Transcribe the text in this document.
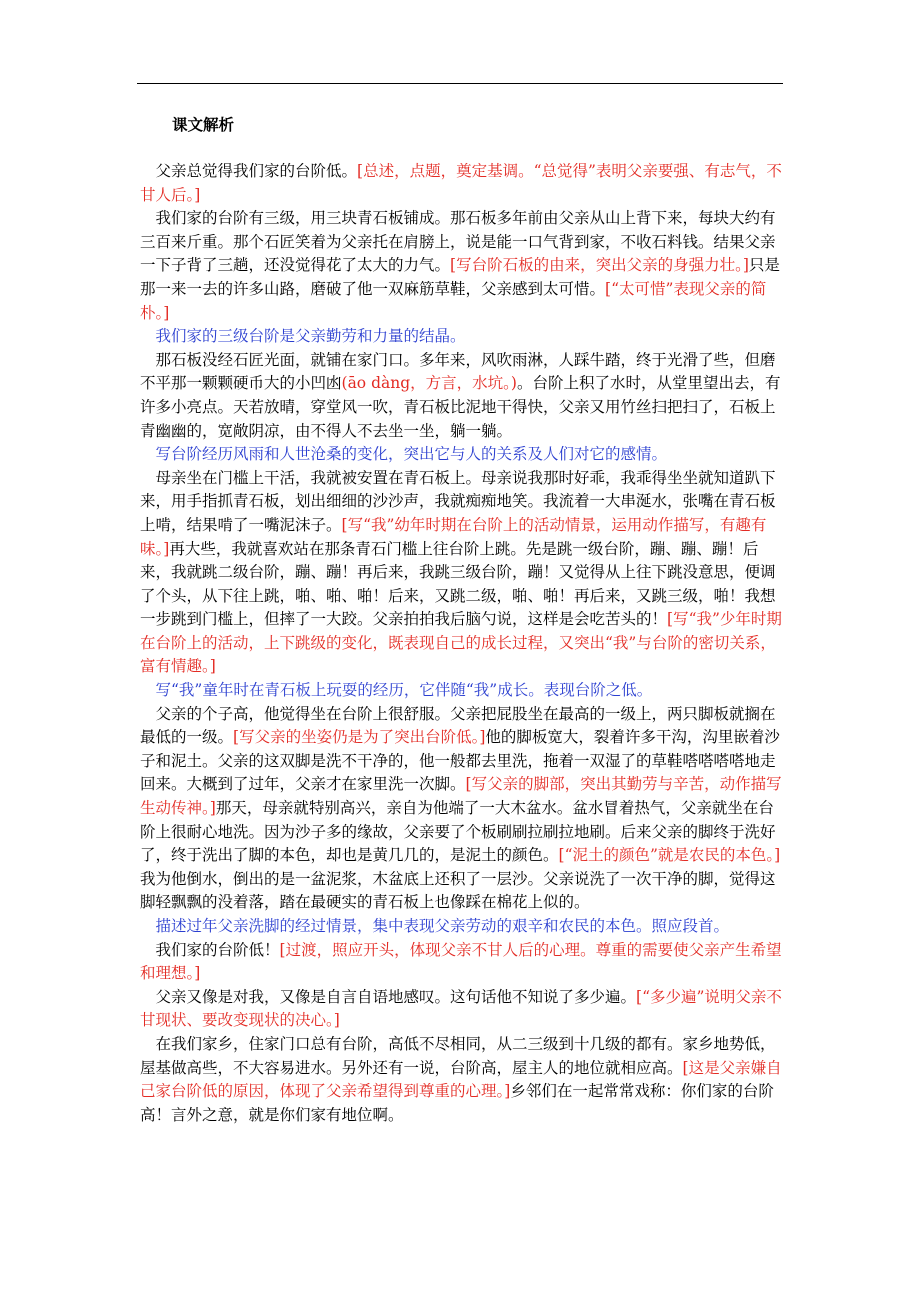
课文解析

　父亲总觉得我们家的台阶低。[总述，点题，奠定基调。“总觉得”表明父亲要强、有志气，不甘人后。]

　我们家的台阶有三级，用三块青石板铺成。那石板多年前由父亲从山上背下来，每块大约有三百来斤重。那个石匠笑着为父亲托在肩膀上，说是能一口气背到家，不收石料钱。结果父亲一下子背了三趟，还没觉得花了太大的力气。[写台阶石板的由来，突出父亲的身强力壮。]只是那一来一去的许多山路，磨破了他一双麻筋草鞋，父亲感到太可惜。[“太可惜”表现父亲的简朴。]

　我们家的三级台阶是父亲勤劳和力量的结晶。

　那石板没经石匠光面，就铺在家门口。多年来，风吹雨淋，人踩牛踏，终于光滑了些，但磨不平那一颗颗硬币大的小凹凼(āo dàng，方言，水坑。)。台阶上积了水时，从堂里望出去，有许多小亮点。天若放晴，穿堂风一吹，青石板比泥地干得快，父亲又用竹丝扫把扫了，石板上青幽幽的，宽敞阴凉，由不得人不去坐一坐，躺一躺。

　写台阶经历风雨和人世沧桑的变化，突出它与人的关系及人们对它的感情。

　母亲坐在门槛上干活，我就被安置在青石板上。母亲说我那时好乖，我乖得坐坐就知道趴下来，用手指抓青石板，划出细细的沙沙声，我就痴痴地笑。我流着一大串涎水，张嘴在青石板上啃，结果啃了一嘴泥沫子。[写“我”幼年时期在台阶上的活动情景，运用动作描写，有趣有味。]再大些，我就喜欢站在那条青石门槛上往台阶上跳。先是跳一级台阶，蹦、蹦、蹦！后来，我就跳二级台阶，蹦、蹦！再后来，我跳三级台阶，蹦！又觉得从上往下跳没意思，便调了个头，从下往上跳，啪、啪、啪！后来，又跳二级，啪、啪！再后来，又跳三级，啪！我想一步跳到门槛上，但摔了一大跤。父亲拍拍我后脑勺说，这样是会吃苦头的！[写“我”少年时期在台阶上的活动，上下跳级的变化，既表现自己的成长过程，又突出“我”与台阶的密切关系，富有情趣。]

　写“我”童年时在青石板上玩耍的经历，它伴随“我”成长。表现台阶之低。

　父亲的个子高，他觉得坐在台阶上很舒服。父亲把屁股坐在最高的一级上，两只脚板就搁在最低的一级。[写父亲的坐姿仍是为了突出台阶低。]他的脚板宽大，裂着许多干沟，沟里嵌着沙子和泥土。父亲的这双脚是洗不干净的，他一般都去里洗，拖着一双湿了的草鞋嗒嗒嗒嗒地走回来。大概到了过年，父亲才在家里洗一次脚。[写父亲的脚部，突出其勤劳与辛苦，动作描写生动传神。]那天，母亲就特别高兴，亲自为他端了一大木盆水。盆水冒着热气，父亲就坐在台阶上很耐心地洗。因为沙子多的缘故，父亲要了个板刷刷拉刷拉地刷。后来父亲的脚终于洗好了，终于洗出了脚的本色，却也是黄几几的，是泥土的颜色。[“泥土的颜色”就是农民的本色。]我为他倒水，倒出的是一盆泥浆，木盆底上还积了一层沙。父亲说洗了一次干净的脚，觉得这脚轻飘飘的没着落，踏在最硬实的青石板上也像踩在棉花上似的。

　描述过年父亲洗脚的经过情景，集中表现父亲劳动的艰辛和农民的本色。照应段首。

　我们家的台阶低！[过渡，照应开头，体现父亲不甘人后的心理。尊重的需要使父亲产生希望和理想。]

　父亲又像是对我，又像是自言自语地感叹。这句话他不知说了多少遍。[“多少遍”说明父亲不甘现状、要改变现状的决心。]

　在我们家乡，住家门口总有台阶，高低不尽相同，从二三级到十几级的都有。家乡地势低，屋基做高些，不大容易进水。另外还有一说，台阶高，屋主人的地位就相应高。[这是父亲嫌自己家台阶低的原因，体现了父亲希望得到尊重的心理。]乡邻们在一起常常戏称：你们家的台阶高！言外之意，就是你们家有地位啊。
